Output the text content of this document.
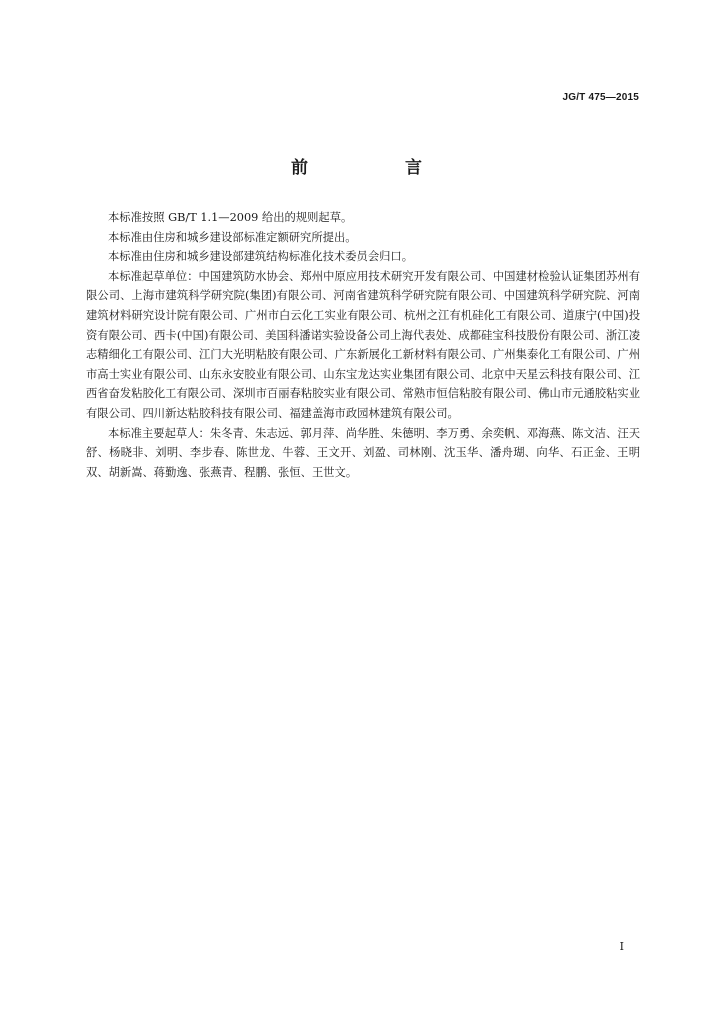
JG/T 475—2015
前　言

本标准按照 GB/T 1.1—2009 给出的规则起草。

本标准由住房和城乡建设部标准定额研究所提出。

本标准由住房和城乡建设部建筑结构标准化技术委员会归口。

本标准起草单位：中国建筑防水协会、郑州中原应用技术研究开发有限公司、中国建材检验认证集团苏州有限公司、上海市建筑科学研究院(集团)有限公司、河南省建筑科学研究院有限公司、中国建筑科学研究院、河南建筑材料研究设计院有限公司、广州市白云化工实业有限公司、杭州之江有机硅化工有限公司、道康宁(中国)投资有限公司、西卡(中国)有限公司、美国科潘诺实验设备公司上海代表处、成都硅宝科技股份有限公司、浙江凌志精细化工有限公司、江门大光明粘胶有限公司、广东新展化工新材料有限公司、广州集泰化工有限公司、广州市高士实业有限公司、山东永安胶业有限公司、山东宝龙达实业集团有限公司、北京中天星云科技有限公司、江西省奋发粘胶化工有限公司、深圳市百丽春粘胶实业有限公司、常熟市恒信粘胶有限公司、佛山市元通胶粘实业有限公司、四川新达粘胶科技有限公司、福建盖海市政园林建筑有限公司。

本标准主要起草人：朱冬青、朱志远、郭月萍、尚华胜、朱德明、李万勇、余奕帆、邓海燕、陈文洁、汪天舒、杨晓非、刘明、李步春、陈世龙、牛蓉、王文开、刘盈、司林刚、沈玉华、潘舟瑚、向华、石正金、王明双、胡新嵩、蒋勤逸、张燕青、程鹏、张恒、王世文。

I
